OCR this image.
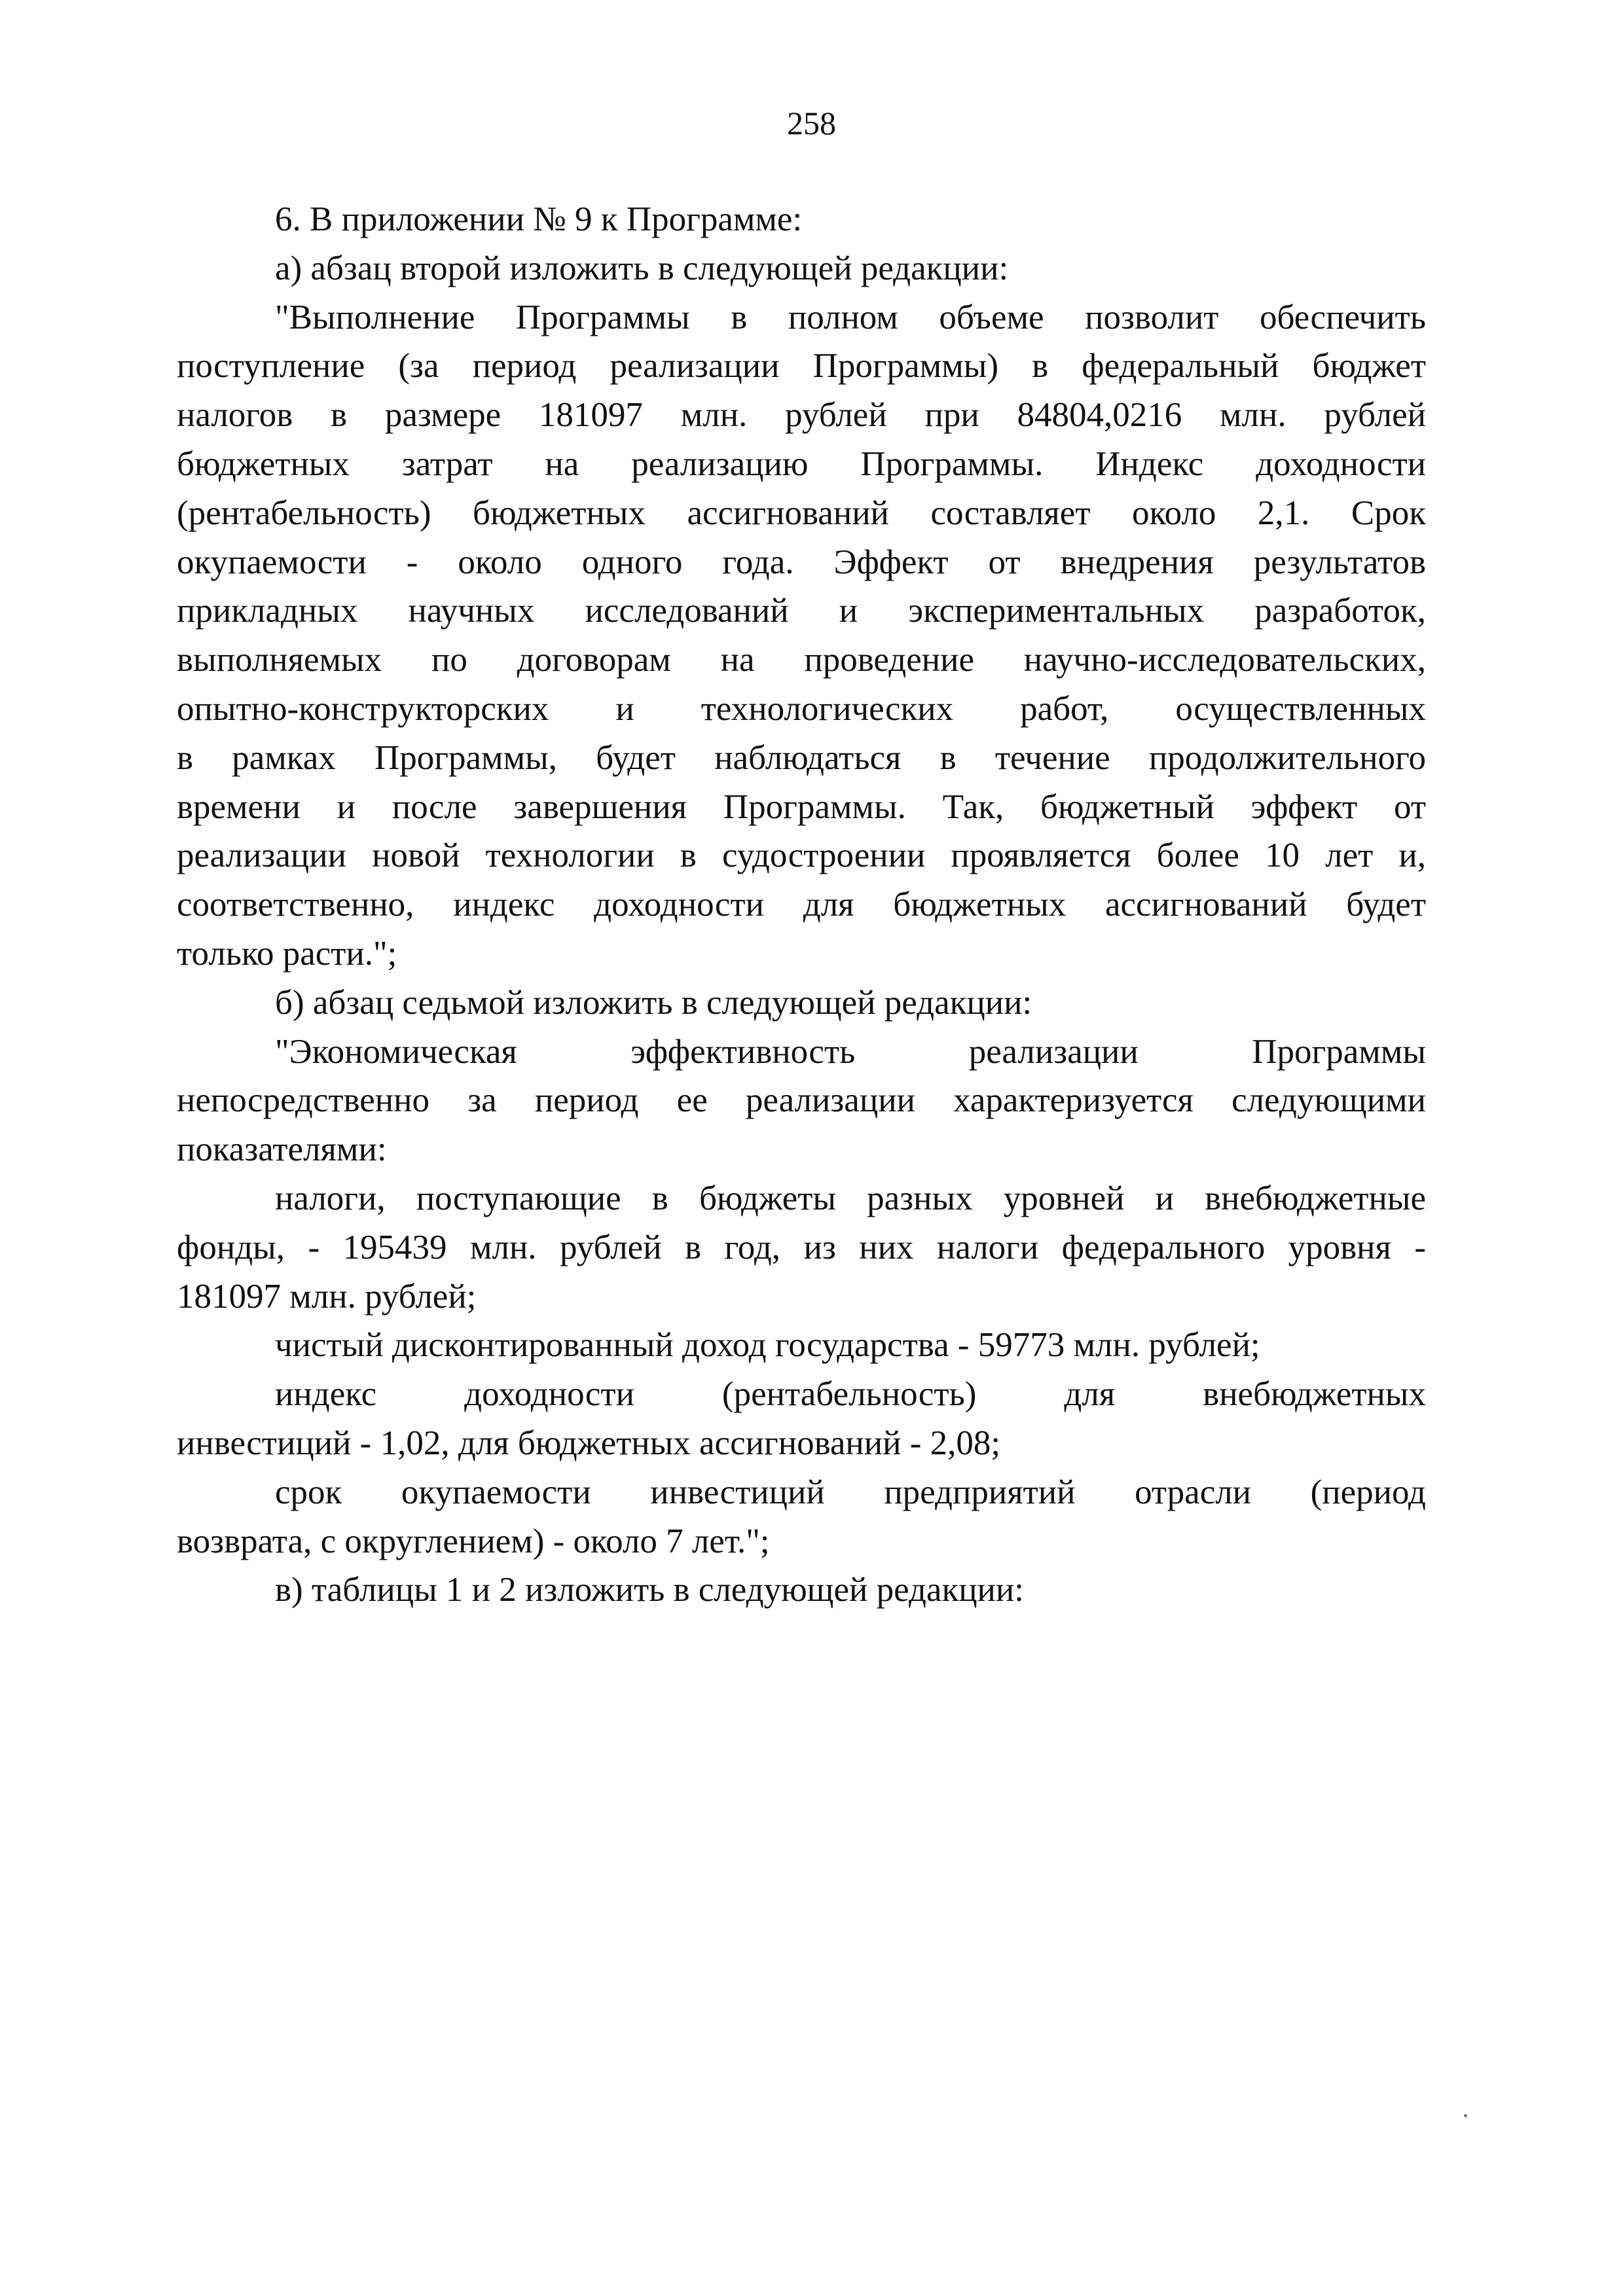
258
6. В приложении № 9 к Программе:
а) абзац второй изложить в следующей редакции:
"Выполнение Программы в полном объеме позволит обеспечить
поступление (за период реализации Программы) в федеральный бюджет
налогов в размере 181097 млн. рублей при 84804,0216 млн. рублей
бюджетных затрат на реализацию Программы. Индекс доходности
(рентабельность) бюджетных ассигнований составляет около 2,1. Срок
окупаемости - около одного года. Эффект от внедрения результатов
прикладных научных исследований и экспериментальных разработок,
выполняемых по договорам на проведение научно-исследовательских,
опытно-конструкторских и технологических работ, осуществленных
в рамках Программы, будет наблюдаться в течение продолжительного
времени и после завершения Программы. Так, бюджетный эффект от
реализации новой технологии в судостроении проявляется более 10 лет и,
соответственно, индекс доходности для бюджетных ассигнований будет
только расти.";
б) абзац седьмой изложить в следующей редакции:
"Экономическая эффективность реализации Программы
непосредственно за период ее реализации характеризуется следующими
показателями:
налоги, поступающие в бюджеты разных уровней и внебюджетные
фонды, - 195439 млн. рублей в год, из них налоги федерального уровня -
181097 млн. рублей;
чистый дисконтированный доход государства - 59773 млн. рублей;
индекс доходности (рентабельность) для внебюджетных
инвестиций - 1,02, для бюджетных ассигнований - 2,08;
срок окупаемости инвестиций предприятий отрасли (период
возврата, с округлением) - около 7 лет.";
в) таблицы 1 и 2 изложить в следующей редакции:
